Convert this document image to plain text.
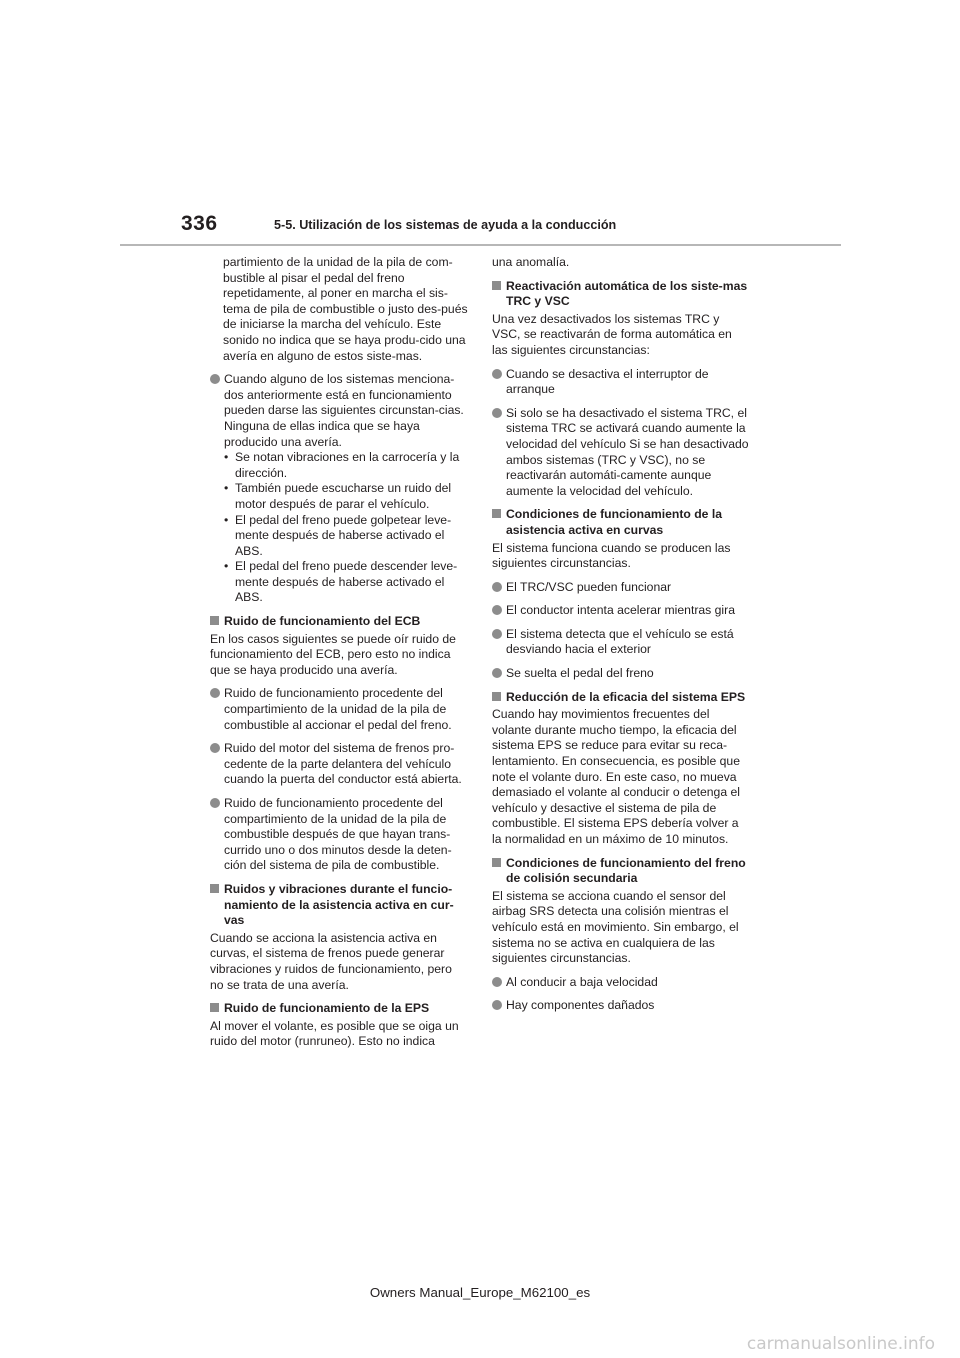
336	5-5. Utilización de los sistemas de ayuda a la conducción

partimiento de la unidad de la pila de com-bustible al pisar el pedal del freno repetidamente, al poner en marcha el sis-tema de pila de combustible o justo des-pués de iniciarse la marcha del vehículo. Este sonido no indica que se haya produ-cido una avería en alguno de estos siste-mas.

Cuando alguno de los sistemas menciona-dos anteriormente está en funcionamiento pueden darse las siguientes circunstan-cias. Ninguna de ellas indica que se haya producido una avería.
• Se notan vibraciones en la carrocería y la dirección.
• También puede escucharse un ruido del motor después de parar el vehículo.
• El pedal del freno puede golpetear leve-mente después de haberse activado el ABS.
• El pedal del freno puede descender leve-mente después de haberse activado el ABS.
Ruido de funcionamiento del ECB

En los casos siguientes se puede oír ruido de funcionamiento del ECB, pero esto no indica que se haya producido una avería.

Ruido de funcionamiento procedente del compartimiento de la unidad de la pila de combustible al accionar el pedal del freno.
Ruido del motor del sistema de frenos pro-cedente de la parte delantera del vehículo cuando la puerta del conductor está abierta.
Ruido de funcionamiento procedente del compartimiento de la unidad de la pila de combustible después de que hayan trans-currido uno o dos minutos desde la deten-ción del sistema de pila de combustible.
Ruidos y vibraciones durante el funcio-namiento de la asistencia activa en cur-vas

Cuando se acciona la asistencia activa en curvas, el sistema de frenos puede generar vibraciones y ruidos de funcionamiento, pero no se trata de una avería.

Ruido de funcionamiento de la EPS

Al mover el volante, es posible que se oiga un ruido del motor (runruneo). Esto no indica

una anomalía.

Reactivación automática de los siste-mas TRC y VSC

Una vez desactivados los sistemas TRC y VSC, se reactivarán de forma automática en las siguientes circunstancias:

Cuando se desactiva el interruptor de arranque
Si solo se ha desactivado el sistema TRC, el sistema TRC se activará cuando aumente la velocidad del vehículo Si se han desactivado ambos sistemas (TRC y VSC), no se reactivarán automáti-camente aunque aumente la velocidad del vehículo.
Condiciones de funcionamiento de la asistencia activa en curvas

El sistema funciona cuando se producen las siguientes circunstancias.

El TRC/VSC pueden funcionar
El conductor intenta acelerar mientras gira
El sistema detecta que el vehículo se está desviando hacia el exterior
Se suelta el pedal del freno
Reducción de la eficacia del sistema EPS

Cuando hay movimientos frecuentes del volante durante mucho tiempo, la eficacia del sistema EPS se reduce para evitar su reca-lentamiento. En consecuencia, es posible que note el volante duro. En este caso, no mueva demasiado el volante al conducir o detenga el vehículo y desactive el sistema de pila de combustible. El sistema EPS debería volver a la normalidad en un máximo de 10 minutos.

Condiciones de funcionamiento del freno de colisión secundaria

El sistema se acciona cuando el sensor del airbag SRS detecta una colisión mientras el vehículo está en movimiento. Sin embargo, el sistema no se activa en cualquiera de las siguientes circunstancias.

Al conducir a baja velocidad
Hay componentes dañados
Owners Manual_Europe_M62100_es
carmanualsonline.info
